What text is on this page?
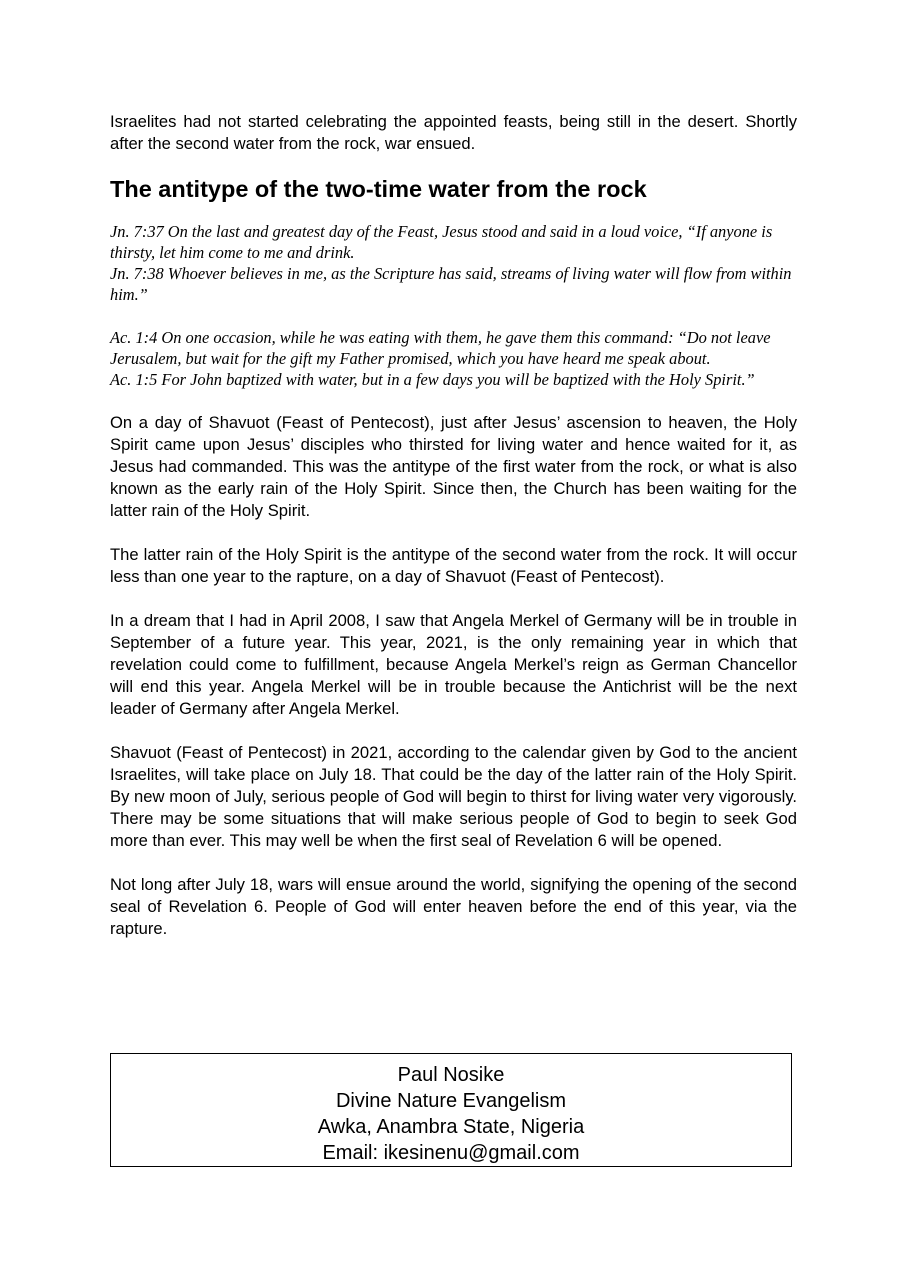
Israelites had not started celebrating the appointed feasts, being still in the desert. Shortly after the second water from the rock, war ensued.

The antitype of the two-time water from the rock
Jn. 7:37 On the last and greatest day of the Feast, Jesus stood and said in a loud voice, “If anyone is thirsty, let him come to me and drink.
Jn. 7:38 Whoever believes in me, as the Scripture has said, streams of living water will flow from within him.”
Ac. 1:4 On one occasion, while he was eating with them, he gave them this command: “Do not leave Jerusalem, but wait for the gift my Father promised, which you have heard me speak about.
Ac. 1:5 For John baptized with water, but in a few days you will be baptized with the Holy Spirit.”

On a day of Shavuot (Feast of Pentecost), just after Jesus’ ascension to heaven, the Holy Spirit came upon Jesus’ disciples who thirsted for living water and hence waited for it, as Jesus had commanded. This was the antitype of the first water from the rock, or what is also known as the early rain of the Holy Spirit. Since then, the Church has been waiting for the latter rain of the Holy Spirit.

The latter rain of the Holy Spirit is the antitype of the second water from the rock. It will occur less than one year to the rapture, on a day of Shavuot (Feast of Pentecost).

In a dream that I had in April 2008, I saw that Angela Merkel of Germany will be in trouble in September of a future year. This year, 2021, is the only remaining year in which that revelation could come to fulfillment, because Angela Merkel’s reign as German Chancellor will end this year. Angela Merkel will be in trouble because the Antichrist will be the next leader of Germany after Angela Merkel.

Shavuot (Feast of Pentecost) in 2021, according to the calendar given by God to the ancient Israelites, will take place on July 18. That could be the day of the latter rain of the Holy Spirit. By new moon of July, serious people of God will begin to thirst for living water very vigorously. There may be some situations that will make serious people of God to begin to seek God more than ever. This may well be when the first seal of Revelation 6 will be opened.

Not long after July 18, wars will ensue around the world, signifying the opening of the second seal of Revelation 6. People of God will enter heaven before the end of this year, via the rapture.

Paul Nosike
Divine Nature Evangelism
Awka, Anambra State, Nigeria
Email: ikesinenu@gmail.com
